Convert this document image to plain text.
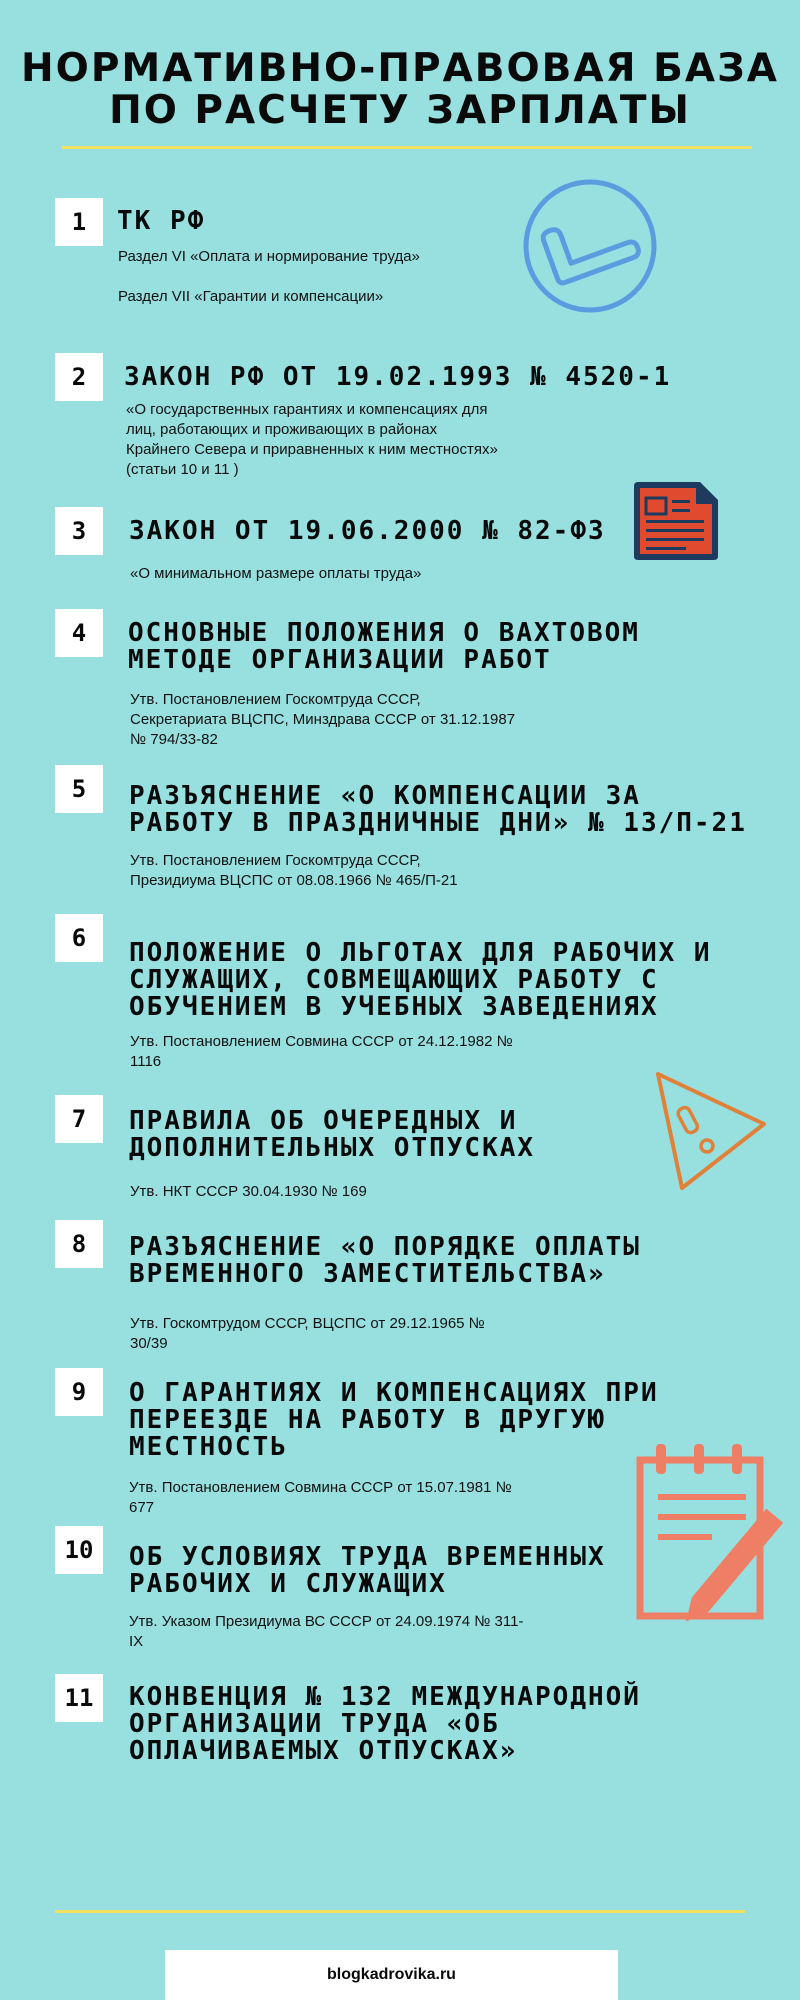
НОРМАТИВНО-ПРАВОВАЯ БАЗА
ПО РАСЧЕТУ ЗАРПЛАТЫ
1	ТК РФ
Раздел VI «Оплата и нормирование труда»

Раздел VII «Гарантии и компенсации»
2	ЗАКОН РФ ОТ 19.02.1993 № 4520-1
«О государственных гарантиях и компенсациях для
лиц, работающих и проживающих в районах
Крайнего Севера и приравненных к ним местностях»
(статьи 10 и 11 )
3	ЗАКОН ОТ 19.06.2000 № 82-ФЗ
«О минимальном размере оплаты труда»
4	ОСНОВНЫЕ ПОЛОЖЕНИЯ О ВАХТОВОМ
МЕТОДЕ ОРГАНИЗАЦИИ РАБОТ
Утв. Постановлением Госкомтруда СССР,
Секретариата ВЦСПС, Минздрава СССР от 31.12.1987
№ 794/33-82
5	РАЗЪЯСНЕНИЕ «О КОМПЕНСАЦИИ ЗА
РАБОТУ В ПРАЗДНИЧНЫЕ ДНИ» № 13/П-21
Утв. Постановлением Госкомтруда СССР,
Президиума ВЦСПС от 08.08.1966 № 465/П-21
6	ПОЛОЖЕНИЕ О ЛЬГОТАХ ДЛЯ РАБОЧИХ И
СЛУЖАЩИХ, СОВМЕЩАЮЩИХ РАБОТУ С
ОБУЧЕНИЕМ В УЧЕБНЫХ ЗАВЕДЕНИЯХ
Утв. Постановлением Совмина СССР от 24.12.1982 №
1116
7	ПРАВИЛА ОБ ОЧЕРЕДНЫХ И
ДОПОЛНИТЕЛЬНЫХ ОТПУСКАХ
Утв. НКТ СССР 30.04.1930 № 169
8	РАЗЪЯСНЕНИЕ «О ПОРЯДКЕ ОПЛАТЫ
ВРЕМЕННОГО ЗАМЕСТИТЕЛЬСТВА»
Утв. Госкомтрудом СССР, ВЦСПС от 29.12.1965 №
30/39
9	О ГАРАНТИЯХ И КОМПЕНСАЦИЯХ ПРИ
ПЕРЕЕЗДЕ НА РАБОТУ В ДРУГУЮ
МЕСТНОСТЬ
Утв. Постановлением Совмина СССР от 15.07.1981 №
677
10	ОБ УСЛОВИЯХ ТРУДА ВРЕМЕННЫХ
РАБОЧИХ И СЛУЖАЩИХ
Утв. Указом Президиума ВС СССР от 24.09.1974 № 311-
IX
11	КОНВЕНЦИЯ № 132 МЕЖДУНАРОДНОЙ
ОРГАНИЗАЦИИ ТРУДА «ОБ
ОПЛАЧИВАЕМЫХ ОТПУСКАХ»
blogkadrovika.ru
